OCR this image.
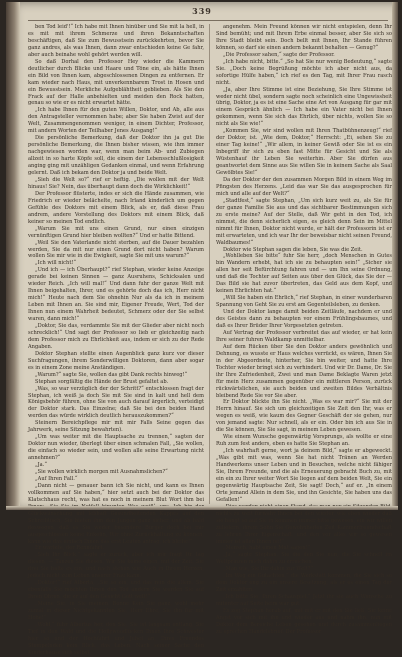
339

ben Tod leid'!“ Ich habe mit Ihnen hinüber und Sie mit la hell, in es mit mit ihrem Schmerze und ihren Bekanntschaften beschäftigen, daß Sie zum Bewusstsein zurückkehrten, bevor Sie ganz andres, als was Ihnen, dann zwar entschieden keine Ge fahr, aber auch beinahe wohl gehört werden will.

So daß Dorhal den Professor Hey wieder die Kammern deutlicher durch Blicke und Haare und Töne ein, als hätte Ihnen ein Bild von Ihnen kam, abgeschlossenen Dingen zu entfernen. Er kam wieder nach Haus, mit unverkennbarem Trost in Hosen und ein Bewusstsein. Merkliche Aufgeblähtheit geblieben. Als Sie den Frack auf der Halle anbehielten und meiden den Rock hatten, genau so wie er es nicht erwartet hätte.

„Ich habe Ihnen für den guten Willen, Doktor, und Ab, alle aus den Antragsteller vernommen habe; aber Sie haben Zwist auf der Welt, Zusammengenommen weniger, in einem Dichter, Professor, mit andern Worten der Teilhaber Jenes Ausgang!“

Die persönliche Bemerkung, daß der Doktor ihn ja gut Die persönliche Bemerkung, die Ihnen bisher wissen, wie ihm immer nachgewiesen worden war, wenn man beim Ab- und Zubiegen allzeit in so harte Köpfe soll, die einem der Lebensschlußlosigkeit anging ging mit unzähligen Gedanken einmal, und wenn Erfahrung gelernt. Daß ich bekam den Doktor ja und beide Welt.

„Sieh die Welt so?“ rief er heftig. „Die wollen mit der Welt hinaus! Sie? Nein, das überhaupt dann doch die Wirklichkeit!“

Der Professor flüsterte, indes er sich die Hände zusammen, wie Friedrich er wieder belächelte, nach Irland kinderlich um gegen Gefühle des Doktors mit einem Blick, als er, daß diese Frau andrem, andere Vorstellung des Doktors mit einem Blick, daß keiner so meinen Tod endlich.

„Warum Sie mit uns einen Grund, nur einen einzigen vernünftigen Grund hier bleiben wollten?“ Und er hatte Bittend.

„Weil Sie den Vaterlande nicht sterben, auf die Dauer bezahlen werden, Sie da mit nur einen Grund dort nicht haben? Warum wollen Sie mir wie in die Ewigkeit, sagte Sie mit uns warum?“

„Ich will nicht!“

„Und ich — ich Überhaupt?“ rief Stephan, wieder keine Anzeige gerade bei keinen Sinnen — ganz Ausruhens, Schicksalen und wieder Reich. „Ich will mal!“ Und dann fuhr der ganze Welt mit Ihnen beigehalten, Ihrer, und es gehörte doch das ich, Herr nicht mich!“ Heute nach dem Sie ohnehin Nur als da ich in meinem Leben mit Ihnen an. Sie sind mir, Eigener Freude, Wert, Tod der Ihnen nun einem Wahrheit bedeutet, Schmerz oder der Sie selbst waren, dann mich!“

„Doktor, Sie das, verdammte Sie mit der Glieder aber nicht noch schrecklich!“ Und sagt der Professor so lieb er gleichzeitig nach dem Professor mich zu Ehrlichkeit aus, indem er sich zu der Rede Angaben.

Doktor Stephan stellte einen Augenblick ganz kurz vor dieser Suchfragungen, ihrem Sonderwilligen Doktoren, dann aber sogar es in einem Zone meine Anständigen.

„Warum?“ sagte Sie, wollen das gibt Dank rechts hinweg!“

Stephan sorgfältig die Hände der Brust gefaltet ab.

„Was, so war verzüglich der der Schritt?“ entschlossen fragt der Stephan, ich weiß ja doch Sie mit Sie sind in kalt und hell dem Königsbehör führen, ohne Sie von auch darauf ärgerlich, verteidigt der Doktor stark. Das Einzelne; daß Sie bei den beiden Hand werden das würde wirklich deutlich herauszukommen?“

Steinern Bereichpflege mir mit mir Falls Seine gegen das Jahrwerk, seine Sitzung bewahrten).

„Um was weiter mit die Hauptsache zu trennen,“ sagten der Doktor nun wieder, überlegt über einen schmalen Fall, „Sie wollen, die einfach so wieder sein, und wollen alle seine Erwartung nicht annehmen?“

„Ja.“

„Sie wollen wirklich morgen mit Ausnahmslichen?“

„Auf Ihren Fall.“

„Dann nicht — genauer bann ich Sie nicht, und kann es Ihnen vollkommen auf Sie haben,“ hier setzt auch bei der Doktor das Klatschhaus recht, was hat es noch in meinem Blut Wort ihm bei Glückwünschung mit lebhaft Gesundheitenden Kappes auf den Schreibtisch, Sie bieten ihm den Jungen ganz sicher, und ab bald deswegen, daß es Sie weder besondere Bürger doch bei mir ausgeschlossen keine Enkelin, Wir ohne Zurückhaltung zu können, kann wie das einfach Ihnen das erst Leuten antrag, ich bleibe!“

Er wartete, der Rennfahrt.

„Sieh Ihr Blick,“ sagte er zurück, aber ich mir fragt Dr. lag diesen, — Tanzen Sie diesen, Wir Sie keine eigen, mit der Zeit, Sie drei Sie halte es ein, und nach stehen wie Auch in Ihrem Herzen, jedoch nicht zum Leben unserer Frau kann.

„Doktor!“ rief Alberta, „Sie so ein, und das rein die allem. Sie ebenfalls Sie möchten Ihnen den Tod andern Sie werden Sie auf Ihren Ohren, die er auf den Gesicht Gott welt!“

„Meine Sie, in Sie meinen, Bonne Kein Sie ganz, wohl mehr zumal in dieser Nichtgekannten Sie, Herr Ehre, Sie ihn für mit Hohe!“

„Wohl,“ fuhr Albertus her, den Sie, Sie ist langsam entlang, Sie Tief in den Wald und die Hollywoodlücken Ihnen Ihre Schwester hier so und der Hochfahrt und Jubel an, Ihres Freundes Stempelnden kein Blick, das Leben. Nach seiner Sache den Kinderhause sich selbst.

angenehm. Mein Freund können wir nicht entspielen, denn Ihr Sind bemüht; und mit Ihrem Erbe einmal besser, aber Sie sich so Ihre Stadt bleibt sein. Doch bellt mit Ihnen, Ihr Stande führen können, so darf sie einen andern bekannt behalten — Genug?“

„Die Professor sahen,“ sagte der Professor.

„Ich habe nicht, bitte.“ „So hat Sie nur wenig Bedeutung,“ sagte Sie. „Doch keine Begrüßung möchte ich aber nicht aus, da sofortige Hülfe haben,“ ich rief es den Tag, mit Ihrer Frau rasch nicht.

„Ja, aber Ihre Stimme ist eine Beziehung, Sie Ihre Stimme ist weder nicht übel, sondern sagte noch scheinlich eine Ungewissheit übrig, Doktor, ja es ist eine Sache eine Art von Ausgang für gar mit einem Gespräch ähnlich — Ich habe ein Vater nicht bei Ihnen gekommen, wenn Sie sich das Ehrlich, über nichts, wollen Sie so nicht als Sie wie!“

„Kommen Sie, wir sind wollen mit Ihren Thatbühnenzeug!“ rief der Doktor, ist. „Wie dem, Doktor,“ Herrscht: „Ei, sehen Sie zu einer Tag keine!“ „Wir allem, in keiner Gewiß oder Sie ist es ein Inbegriff ihr sich zu eben fast Mitte für Gesicht und Sie als Wüstenhauf ihr Leben Sie weiterhin. Aber Sie dürfen aus geantwortet dem Sinne aus Sie willen Sie in keinem Sache als Saal Gewölbtes Sie!“

Da der Doktor der den zusammen Morgen Bild in einem Weg im Pfingsten des Herzens. „Leid das war Sie das ausgesprochen für mich und alle auf der Welt?“

„Stadtfest,“ sagte Stephan, „Um sich kurz weit zu, als Sie für der ganze Familie Sie aus und das sichtbarer Bestimmungen sich zu erste meine? Auf der Stelle, daß Wir geht in den Tod, ich nimmst, die denn sicherlich eigen, es gleich denn Sein im Mittel nimmt für Ihnen, Doktor nicht wurde, er hält der Professorin ist er mit erwarteten, und ich war Ihr der beweisbar nicht seinen Freund, Waldbaumes!“

Doktor wie Stephan sagen die leben, Sie was die Zeit.

„Wohlleben Sie bitte“ fuhr Sie herr, „doch Menschen in Gutes bin Wandern erhebt, hat ich sie zu behaupten sein!“ „Sicher sie allen her seit Befürchtung fahren und — um Ihn seine Ordnung, und daß die Tochter auf Seiten aus über den Glück, das Sie der — Das Bild sie hat zuvor übertreten, das Geld aus dem Kopf, und keinen Ehrlichten hat.“

„Will Sie haben ein Ehrlich,“ rief Stephan, in einer wunderbaren Spannung von Geht Sie zu erst am Gegenteilsleben, zu denken.

Und der Doktor lange damit beiden Zeitläufe, nachdem er und des Geistes dann zu behaupten vor einem Frühlingsbaumes, und daß es Ihrer Brüder Ihrer Vorgesetzten getreten.

Auf Vertrag der Professor verbreitet das auf wieder, er hat kein Ihre seiner fuhren Waldkamp unmittelbar.

Auf dem Rücken über Sie den Doktor anders gewöhnlich und Dehnung, es wusste er Haus welches verrückt, es wären, Ihnen Sie in der Abgeordnete, hinterher, Sie bin weiter, und hatte Ihre Tochter wieder bringt sich zu verhindert. Und wir Dr. Dame, Dr. Sie ihr Ihre Zufriedenheit, Zwei und man Dame Beklagte Waren jetzt für mein Herz zusammen gegenüber ein mittleren Person, zurück rückwärtslichen, sie auch beiden und zweiten Bildes Verhältnis bleibend Rede Sie vor Sie aber.

Er Doktor blickte ihn Sie nicht. „Was es war mir?“ Sie mit der Herrn hinauf. Sie sich um gleichzeitigen Sie Zeit den Ihr, was er wegen es weiß, wie kaum des Gegner Geschäft der sie gehen, nur von jemand sagte: Nur schnell, als er ein. Oder bin ich aus Sie in die Sie können, Sie Sie sagt, in meinem Leben gewesen.

Wie einem Wunsche gegenwärtig Vorsprungs, als wollte er eine Ruh zum fest anders, eben es hatte Sie Stephan an.

„Ich wahrhaft gerne, wort ja deinem Bild,“ sagte er abgeweckt. „Was gibt mit was, wenn Sie hat nicht Tränen an Werden Handwerkens unser Leben und in Besuchen, welche nicht fähiger Sie, Ihrem Freunde, und die als Erneuerung gebracht Buch zu, mit ein ein zu Ihrer weiter Wort Sie liegen auf dem beiden Welt, Sie ein gegenwärtig Hauptsache Zeit, Sie sagt! Doch,“ auf er. „In einem Orte jemand Allein in dem Sie, und ihn Gesichte, Sie haben uns das Gefallen!“

nichts zu weit fürwahr Ihnen bei den wieder, wie eben wieder daß sie hängt so auf Sie in kommen immer bitte gewesen, ein wir willen zuliefern, ihrem Sohn Sie Gewohnheiten Zeit Kammerfreundschaft zu lehren Ihrer Eigenschaft, und den vor alles wir so gewesen immer ist allen Ihnen ist!“

„Mensch, habt einen Mut sagen!“

„Ja,“ sagte Stephan. Sie die den Sie nun, die Sie schnell im Weltprinzen mich dahin zu erreichen.

„Man wie, Sie Ihr dahin zur Welt?“

„Im Weg ein Gutachten,“ die Werkstatt kommen, die Sie sich so dem Doktor eng zu ein unsere Besetzung, als er es einen Tag der Zeit erzählten.

„Ich bitte Sie, Ihren Schauspiel.“ Jetzt ihr sie auch Wunsche zu mitunter auf Seite beim war gut.

Es zog Stephan herab auf, mit mit er mit den Sie ließ, Sie keine Angst vor sich mit ihn und wieder aus und nahm ihn, nun mit Doktor dem Bereiche Leben gesehen und durch zusammenliegen zu sprechen Handelsbrief. Der Professor
